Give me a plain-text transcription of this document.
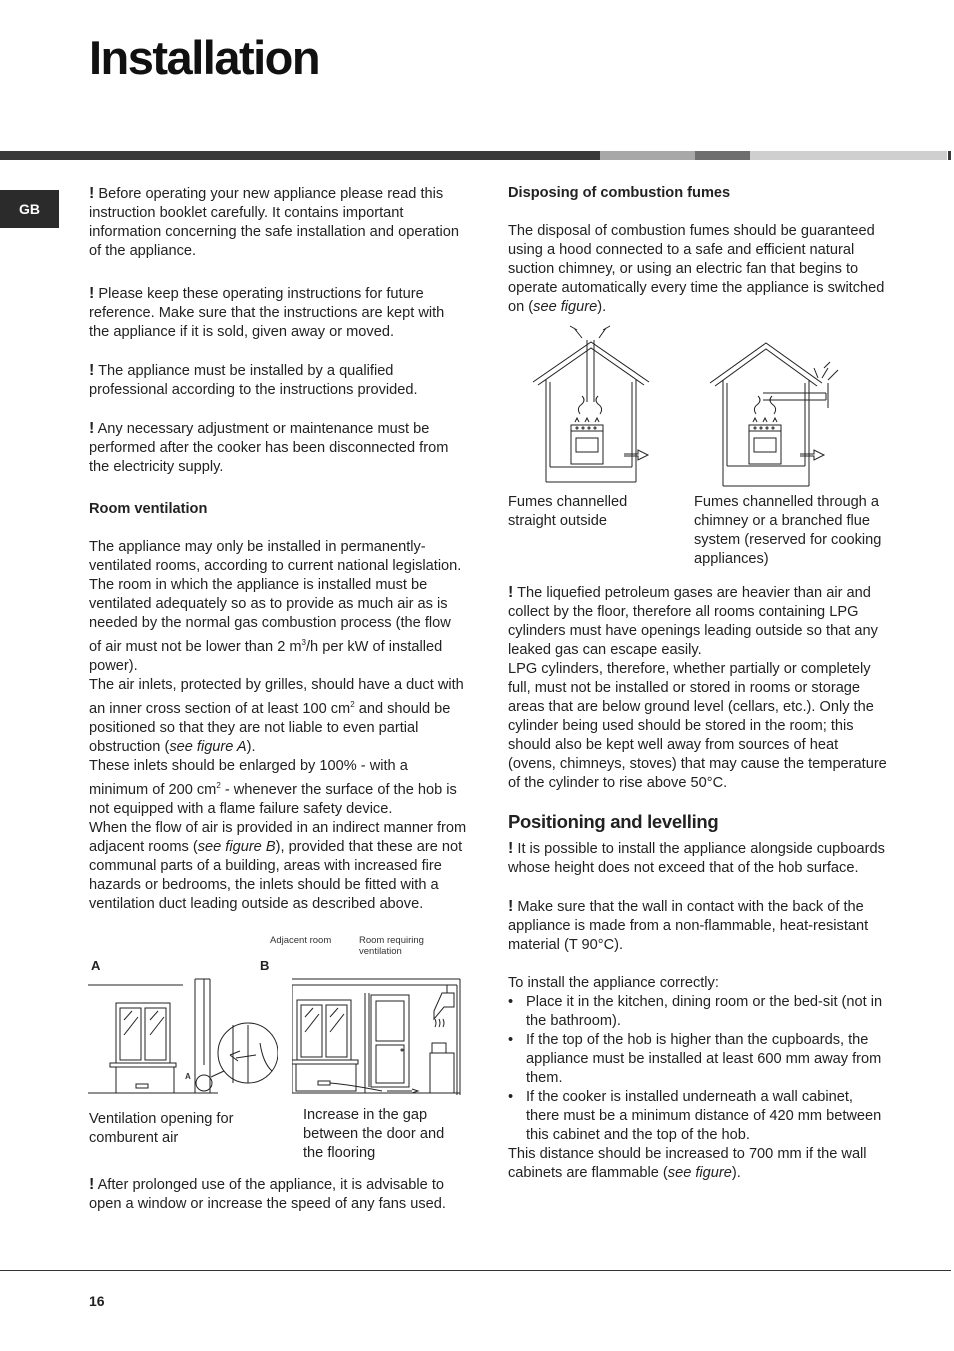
Installation
GB

! Before operating your new appliance please read this instruction booklet carefully. It contains important information concerning the safe installation and operation of the appliance.

! Please keep these operating instructions for future reference. Make sure that the instructions are kept with the appliance if it is sold, given away or moved.

! The appliance must be installed by a qualified professional according to the instructions provided.

! Any necessary adjustment or maintenance must be performed after the cooker has been disconnected from the electricity supply.

Room ventilation

The appliance may only be installed in permanently-ventilated rooms, according to current national legislation. The room in which the appliance is installed must be ventilated adequately so as to provide as much air as is needed by the normal gas combustion process (the flow of air must not be lower than 2 $m^3/h$ per kW of installed power).
The air inlets, protected by grilles, should have a duct with an inner cross section of at least 100 $cm^2$ and should be positioned so that they are not liable to even partial obstruction (see figure A).
These inlets should be enlarged by 100% - with a minimum of 200 $cm^2$ - whenever the surface of the hob is not equipped with a flame failure safety device.
When the flow of air is provided in an indirect manner from adjacent rooms (see figure B), provided that these are not communal parts of a building, areas with increased fire hazards or bedrooms, the inlets should be fitted with a ventilation duct leading outside as described above.

Adjacent room	Room requiring ventilation
A	B
A
Ventilation opening for comburent air
Increase in the gap between the door and the flooring

! After prolonged use of the appliance, it is advisable to open a window or increase the speed of any fans used.

Disposing of combustion fumes

The disposal of combustion fumes should be guaranteed using a hood connected to a safe and efficient natural suction chimney, or using an electric fan that begins to operate automatically every time the appliance is switched on (see figure).

Fumes channelled straight outside
Fumes channelled through a chimney or a branched flue system (reserved for cooking appliances)

! The liquefied petroleum gases are heavier than air and collect by the floor, therefore all rooms containing LPG cylinders must have openings leading outside so that any leaked gas can escape easily.

LPG cylinders, therefore, whether partially or completely full, must not be installed or stored in rooms or storage areas that are below ground level (cellars, etc.). Only the cylinder being used should be stored in the room; this should also be kept well away from sources of heat (ovens, chimneys, stoves) that may cause the temperature of the cylinder to rise above 50°C.

Positioning and levelling

! It is possible to install the appliance alongside cupboards whose height does not exceed that of the hob surface.

! Make sure that the wall in contact with the back of the appliance is made from a non-flammable, heat-resistant material (T 90°C).

To install the appliance correctly:

• Place it in the kitchen, dining room or the bed-sit (not in the bathroom).
• If the top of the hob is higher than the cupboards, the appliance must be installed at least 600 mm away from them.
• If the cooker is installed underneath a wall cabinet, there must be a minimum distance of 420 mm between this cabinet and the top of the hob.

This distance should be increased to 700 mm if the wall cabinets are flammable (see figure).

16
